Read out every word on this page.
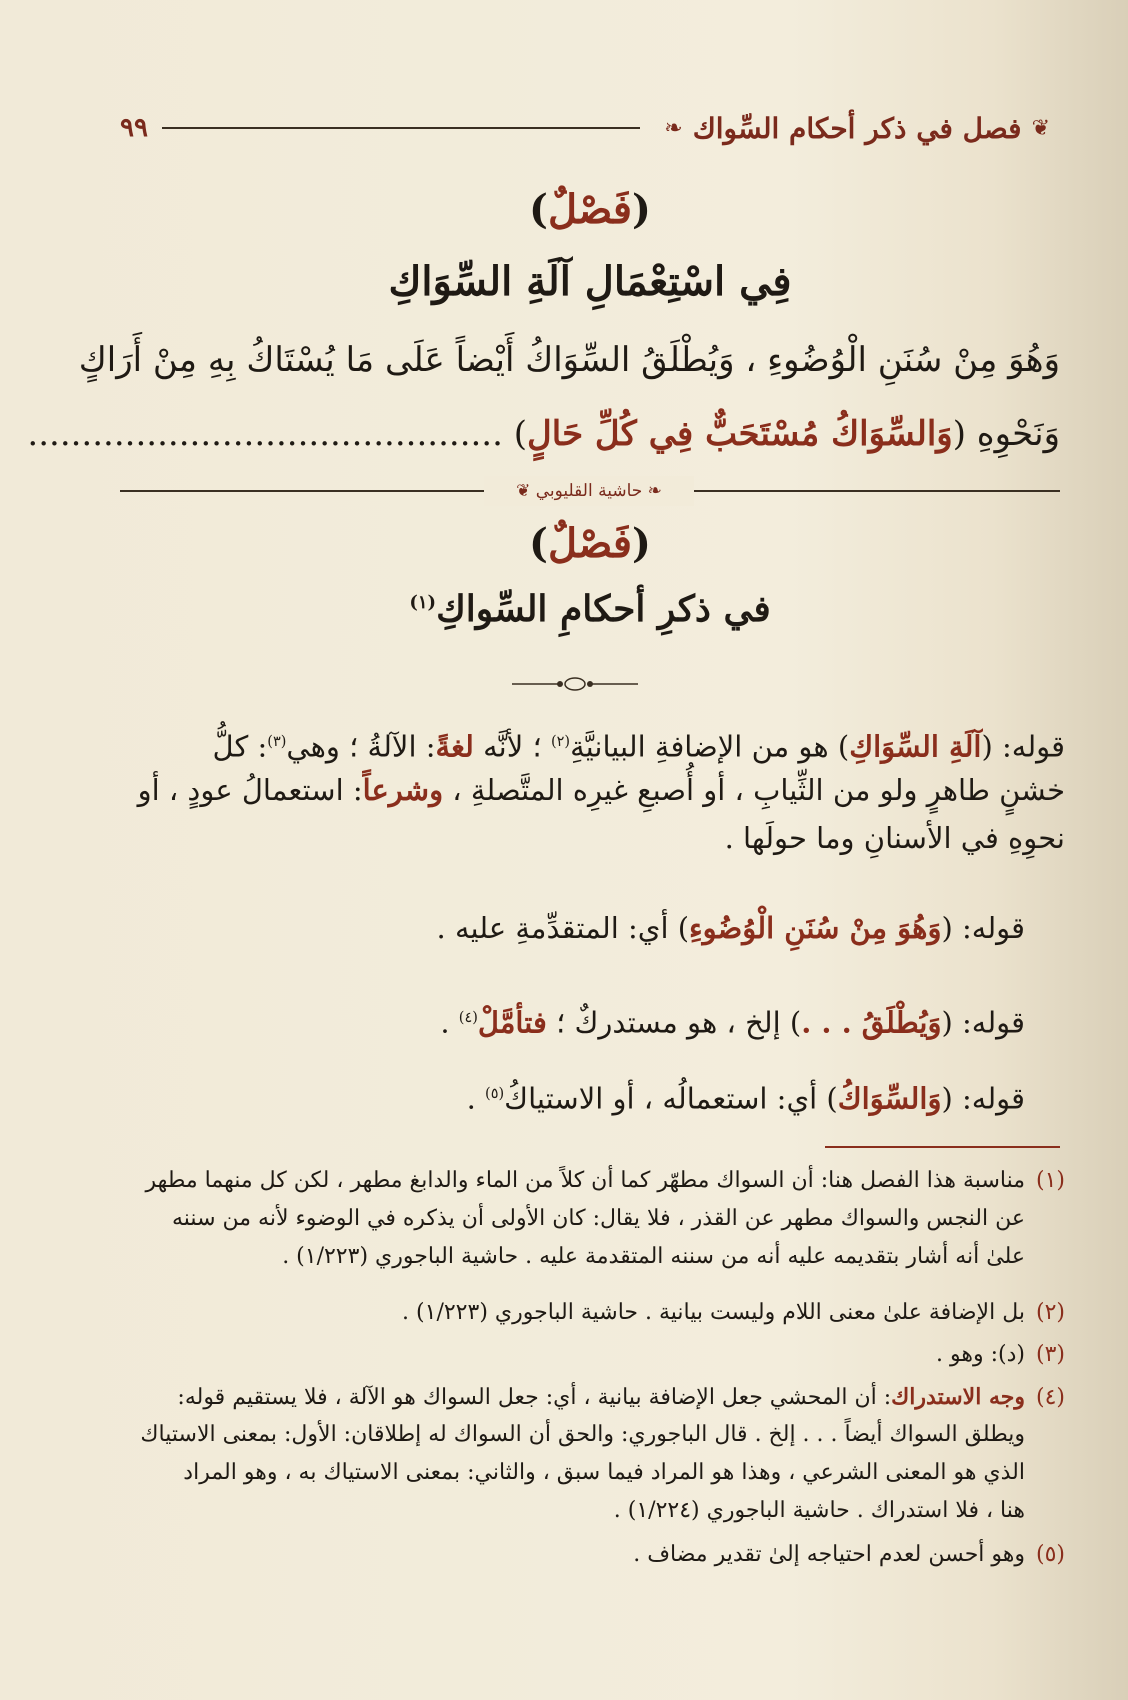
❦
فصل في ذكر أحكام السِّواك
❧
٩٩
(فَصْلٌ)
فِي اسْتِعْمَالِ آلَةِ السِّوَاكِ
وَهُوَ مِنْ سُنَنِ الْوُضُوءِ ، وَيُطْلَقُ السِّوَاكُ أَيْضاً عَلَى مَا يُسْتَاكُ بِهِ مِنْ أَرَاكٍ
وَنَحْوِهِ (وَالسِّوَاكُ مُسْتَحَبٌّ فِي كُلِّ حَالٍ) ............................................
❧ حاشية القليوبي ❦
(فَصْلٌ)
في ذكرِ أحكامِ السِّواكِ$^{(١)}$
قوله: (آلَةِ السِّوَاكِ) هو من الإضافةِ البيانيَّةِ$^{(٢)}$ ؛ لأنَّه لغةً: الآلةُ ؛ وهي$^{(٣)}$: كلُّ
خشنٍ طاهرٍ ولو من الثِّيابِ ، أو أُصبعِ غيرِه المتَّصلةِ ، وشرعاً: استعمالُ عودٍ ، أو
نحوِهِ في الأسنانِ وما حولَها .
قوله: (وَهُوَ مِنْ سُنَنِ الْوُضُوءِ) أي: المتقدِّمةِ عليه .
قوله: (وَيُطْلَقُ . . .) إلخ ، هو مستدركٌ ؛ فتأمَّلْ$^{(٤)}$ .
قوله: (وَالسِّوَاكُ) أي: استعمالُه ، أو الاستياكُ$^{(٥)}$ .
(١)مناسبة هذا الفصل هنا: أن السواك مطهّر كما أن كلاً من الماء والدابغ مطهر ، لكن كل منهما مطهر
عن النجس والسواك مطهر عن القذر ، فلا يقال: كان الأولى أن يذكره في الوضوء لأنه من سننه
علىٰ أنه أشار بتقديمه عليه أنه من سننه المتقدمة عليه . حاشية الباجوري (١/٢٢٣) .
(٢)بل الإضافة علىٰ معنى اللام وليست بيانية . حاشية الباجوري (١/٢٢٣) .
(٣)(د): وهو .
(٤)وجه الاستدراك: أن المحشي جعل الإضافة بيانية ، أي: جعل السواك هو الآلة ، فلا يستقيم قوله:
ويطلق السواك أيضاً . . . إلخ . قال الباجوري: والحق أن السواك له إطلاقان: الأول: بمعنى الاستياك
الذي هو المعنى الشرعي ، وهذا هو المراد فيما سبق ، والثاني: بمعنى الاستياك به ، وهو المراد
هنا ، فلا استدراك . حاشية الباجوري (١/٢٢٤) .
(٥)وهو أحسن لعدم احتياجه إلىٰ تقدير مضاف .
